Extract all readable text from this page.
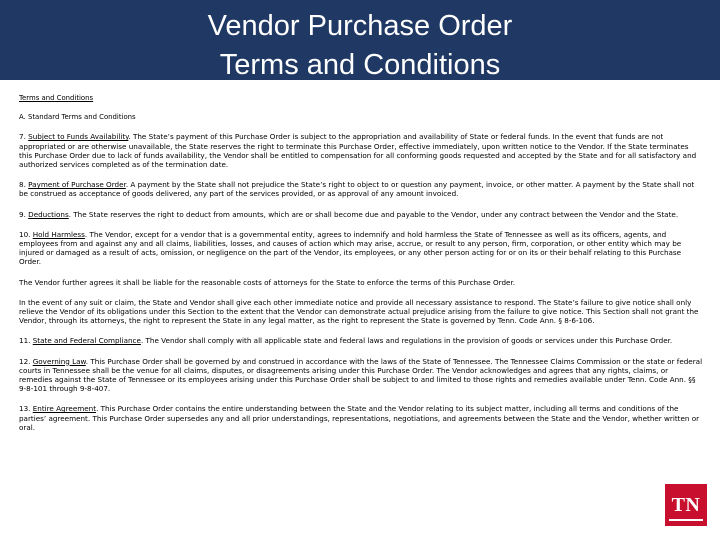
Vendor Purchase Order
Terms and Conditions

Terms and Conditions

A. Standard Terms and Conditions

7. Subject to Funds Availability. The State’s payment of this Purchase Order is subject to the appropriation and availability of State or federal funds. In the event that funds are not appropriated or are otherwise unavailable, the State reserves the right to terminate this Purchase Order, effective immediately, upon written notice to the Vendor. If the State terminates this Purchase Order due to lack of funds availability, the Vendor shall be entitled to compensation for all conforming goods requested and accepted by the State and for all satisfactory and authorized services completed as of the termination date.

8. Payment of Purchase Order. A payment by the State shall not prejudice the State’s right to object to or question any payment, invoice, or other matter. A payment by the State shall not be construed as acceptance of goods delivered, any part of the services provided, or as approval of any amount invoiced.

9. Deductions. The State reserves the right to deduct from amounts, which are or shall become due and payable to the Vendor, under any contract between the Vendor and the State.

10. Hold Harmless. The Vendor, except for a vendor that is a governmental entity, agrees to indemnify and hold harmless the State of Tennessee as well as its officers, agents, and employees from and against any and all claims, liabilities, losses, and causes of action which may arise, accrue, or result to any person, firm, corporation, or other entity which may be injured or damaged as a result of acts, omission, or negligence on the part of the Vendor, its employees, or any other person acting for or on its or their behalf relating to this Purchase Order.

The Vendor further agrees it shall be liable for the reasonable costs of attorneys for the State to enforce the terms of this Purchase Order.

In the event of any suit or claim, the State and Vendor shall give each other immediate notice and provide all necessary assistance to respond. The State’s failure to give notice shall only relieve the Vendor of its obligations under this Section to the extent that the Vendor can demonstrate actual prejudice arising from the failure to give notice. This Section shall not grant the Vendor, through its attorneys, the right to represent the State in any legal matter, as the right to represent the State is governed by Tenn. Code Ann. § 8-6-106.

11. State and Federal Compliance. The Vendor shall comply with all applicable state and federal laws and regulations in the provision of goods or services under this Purchase Order.

12. Governing Law. This Purchase Order shall be governed by and construed in accordance with the laws of the State of Tennessee. The Tennessee Claims Commission or the state or federal courts in Tennessee shall be the venue for all claims, disputes, or disagreements arising under this Purchase Order. The Vendor acknowledges and agrees that any rights, claims, or remedies against the State of Tennessee or its employees arising under this Purchase Order shall be subject to and limited to those rights and remedies available under Tenn. Code Ann. §§ 9-8-101 through 9-8-407.

13. Entire Agreement. This Purchase Order contains the entire understanding between the State and the Vendor relating to its subject matter, including all terms and conditions of the parties’ agreement. This Purchase Order supersedes any and all prior understandings, representations, negotiations, and agreements between the State and the Vendor, whether written or oral.

TN
